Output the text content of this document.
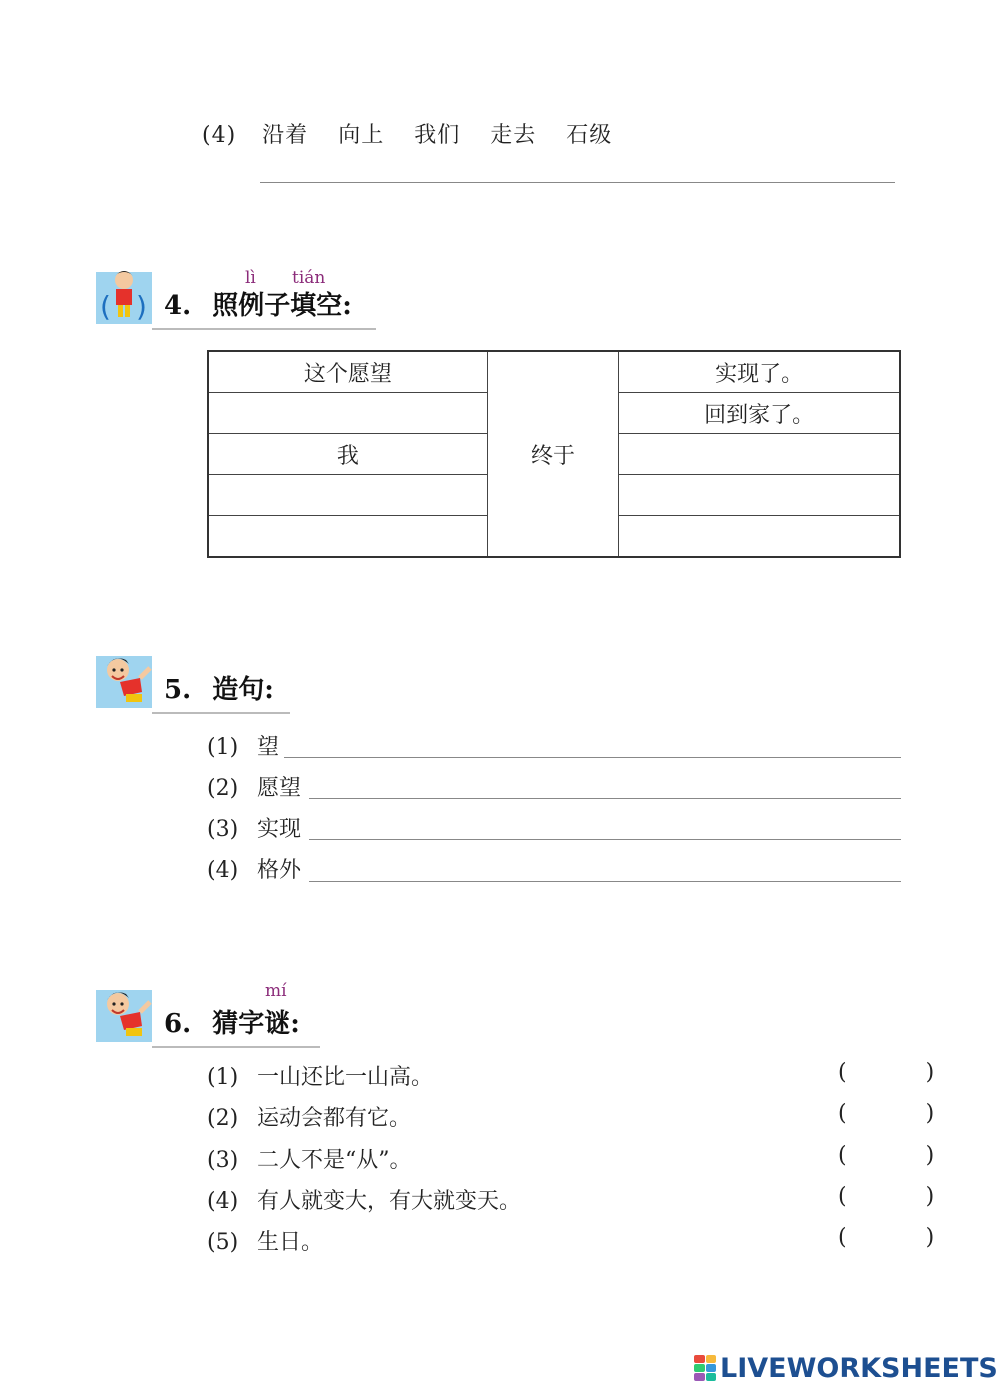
(4) 沿着 向上 我们 走去 石级
( ) 4. 照例子填空:
lì tián
这个愿望	终于	实现了。
		回到家了。
我		

5. 造句:
(1) 望
(2) 愿望
(3) 实现
(4) 格外
6. 猜字谜:
mí
(1) 一山还比一山高。	( )
(2) 运动会都有它。	( )
(3) 二人不是“从”。	( )
(4) 有人就变大，有大就变天。	( )
(5) 生日。	( )
LIVEWORKSHEETS
